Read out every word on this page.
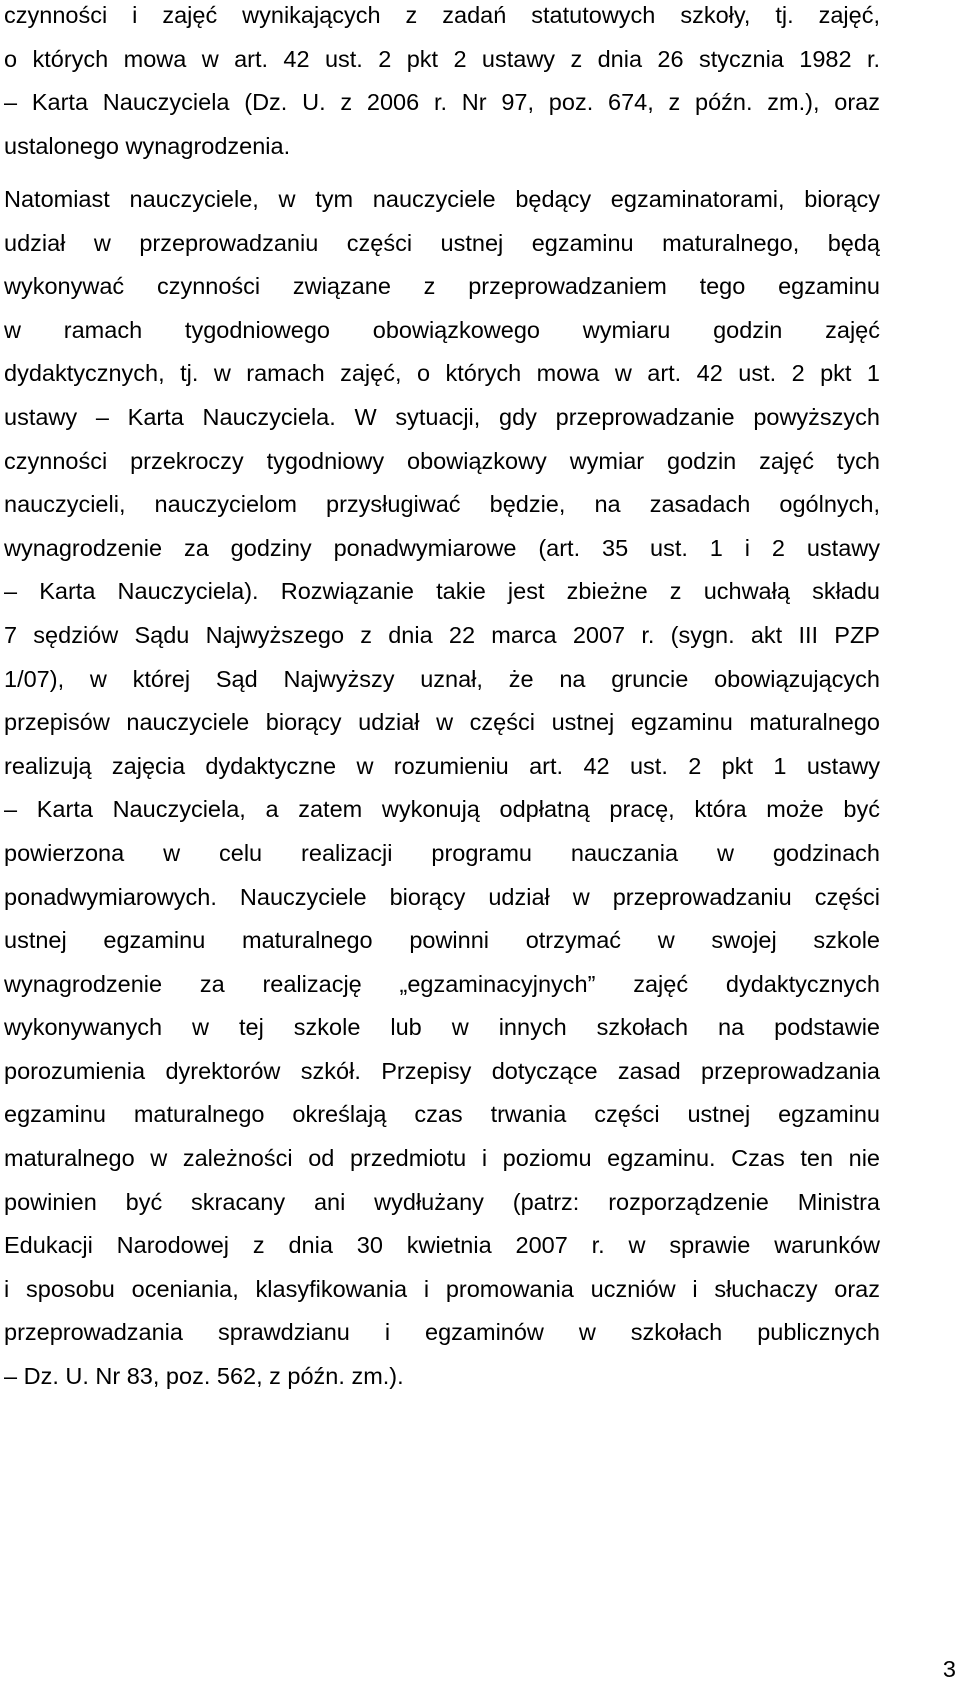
czynności i zajęć wynikających z zadań statutowych szkoły, tj. zajęć,
o których mowa w art. 42 ust. 2 pkt 2 ustawy z dnia 26 stycznia 1982 r.
– Karta Nauczyciela (Dz. U. z 2006 r. Nr 97, poz. 674, z późn. zm.), oraz
ustalonego wynagrodzenia.
Natomiast nauczyciele, w tym nauczyciele będący egzaminatorami, biorący
udział w przeprowadzaniu części ustnej egzaminu maturalnego, będą
wykonywać czynności związane z przeprowadzaniem tego egzaminu
w ramach tygodniowego obowiązkowego wymiaru godzin zajęć
dydaktycznych, tj. w ramach zajęć, o których mowa w art. 42 ust. 2 pkt 1
ustawy – Karta Nauczyciela. W sytuacji, gdy przeprowadzanie powyższych
czynności przekroczy tygodniowy obowiązkowy wymiar godzin zajęć tych
nauczycieli, nauczycielom przysługiwać będzie, na zasadach ogólnych,
wynagrodzenie za godziny ponadwymiarowe (art. 35 ust. 1 i 2 ustawy
– Karta Nauczyciela). Rozwiązanie takie jest zbieżne z uchwałą składu
7 sędziów Sądu Najwyższego z dnia 22 marca 2007 r. (sygn. akt III PZP
1/07), w której Sąd Najwyższy uznał, że na gruncie obowiązujących
przepisów nauczyciele biorący udział w części ustnej egzaminu maturalnego
realizują zajęcia dydaktyczne w rozumieniu art. 42 ust. 2 pkt 1 ustawy
– Karta Nauczyciela, a zatem wykonują odpłatną pracę, która może być
powierzona w celu realizacji programu nauczania w godzinach
ponadwymiarowych. Nauczyciele biorący udział w przeprowadzaniu części
ustnej egzaminu maturalnego powinni otrzymać w swojej szkole
wynagrodzenie za realizację „egzaminacyjnych” zajęć dydaktycznych
wykonywanych w tej szkole lub w innych szkołach na podstawie
porozumienia dyrektorów szkół. Przepisy dotyczące zasad przeprowadzania
egzaminu maturalnego określają czas trwania części ustnej egzaminu
maturalnego w zależności od przedmiotu i poziomu egzaminu. Czas ten nie
powinien być skracany ani wydłużany (patrz: rozporządzenie Ministra
Edukacji Narodowej z dnia 30 kwietnia 2007 r. w sprawie warunków
i sposobu oceniania, klasyfikowania i promowania uczniów i słuchaczy oraz
przeprowadzania sprawdzianu i egzaminów w szkołach publicznych
– Dz. U. Nr 83, poz. 562, z późn. zm.).
3
